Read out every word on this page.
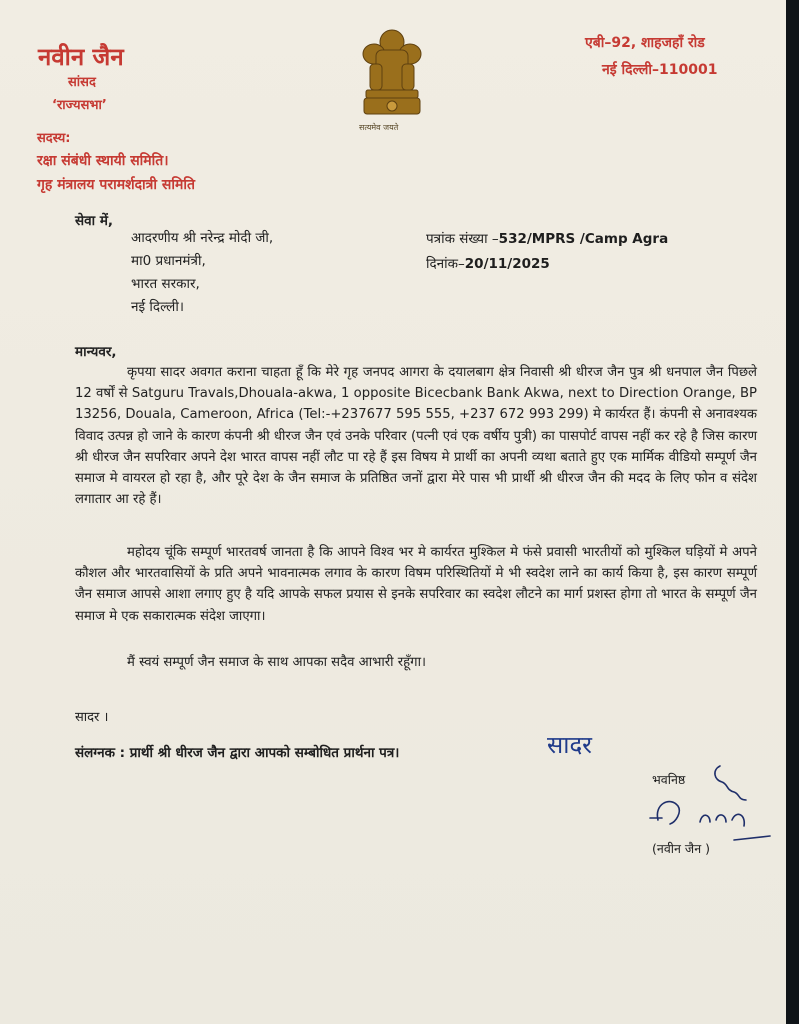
नवीन जैन
सांसद
‘राज्यसभा’
सदस्य:
रक्षा संबंधी स्थायी समिति।
गृह मंत्रालय परामर्शदात्री समिति
सत्यमेव जयते
एबी–92, शाहजहाँ रोड
नई दिल्ली–110001
सेवा में,
आदरणीय श्री नरेन्द्र मोदी जी,
मा0 प्रधानमंत्री,
भारत सरकार,
नई दिल्ली।
पत्रांक संख्या –532/MPRS /Camp Agra
दिनांक–20/11/2025
मान्यवर,
कृपया सादर अवगत कराना चाहता हूँ कि मेरे गृह जनपद आगरा के दयालबाग क्षेत्र निवासी श्री धीरज जैन पुत्र श्री धनपाल जैन पिछले 12 वर्षों से Satguru Travals,Dhouala-akwa, 1 opposite Bicecbank Bank Akwa, next to Direction Orange, BP 13256, Douala, Cameroon, Africa (Tel:-+237677 595 555, +237 672 993 299) मे कार्यरत हैं। कंपनी से अनावश्यक विवाद उत्पन्न हो जाने के कारण कंपनी श्री धीरज जैन एवं उनके परिवार (पत्नी एवं एक वर्षीय पुत्री) का पासपोर्ट वापस नहीं कर रहे है जिस कारण श्री धीरज जैन सपरिवार अपने देश भारत वापस नहीं लौट पा रहे हैं इस विषय मे प्रार्थी का अपनी व्यथा बताते हुए एक मार्मिक वीडियो सम्पूर्ण जैन समाज मे वायरल हो रहा है, और पूरे देश के जैन समाज के प्रतिष्ठित जनों द्वारा मेरे पास भी प्रार्थी श्री धीरज जैन की मदद के लिए फोन व संदेश लगातार आ रहे हैं।
महोदय चूंकि सम्पूर्ण भारतवर्ष जानता है कि आपने विश्व भर मे कार्यरत मुश्किल मे फंसे प्रवासी भारतीयों को मुश्किल घड़ियों मे अपने कौशल और भारतवासियों के प्रति अपने भावनात्मक लगाव के कारण विषम परिस्थितियों मे भी स्वदेश लाने का कार्य किया है, इस कारण सम्पूर्ण जैन समाज आपसे आशा लगाए हुए है यदि आपके सफल प्रयास से इनके सपरिवार का स्वदेश लौटने का मार्ग प्रशस्त होगा तो भारत के सम्पूर्ण जैन समाज मे एक सकारात्मक संदेश जाएगा।
मैं स्वयं सम्पूर्ण जैन समाज के साथ आपका सदैव आभारी रहूँगा।
सादर ।
संलग्नक : प्रार्थी श्री धीरज जैन द्वारा आपको सम्बोधित प्रार्थना पत्र।	सादर
भवनिष्ठ
(नवीन जैन )
